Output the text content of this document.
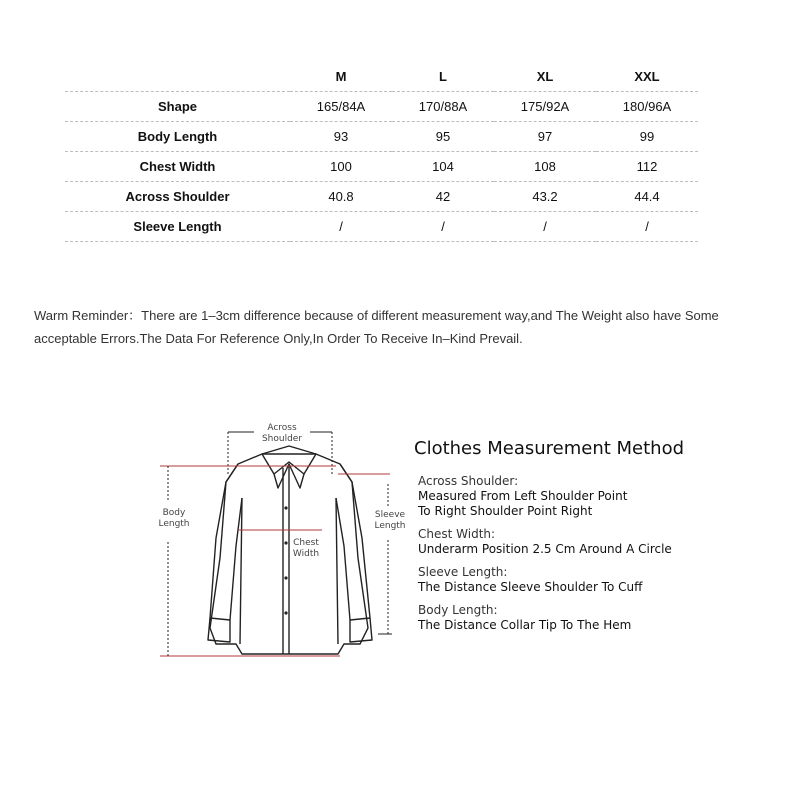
	M	L	XL	XXL
Shape	165/84A	170/88A	175/92A	180/96A
Body Length	93	95	97	99
Chest Width	100	104	108	112
Across Shoulder	40.8	42	43.2	44.4
Sleeve Length	/	/	/	/
Warm Reminder：There are 1–3cm difference because of different measurement way,and The Weight also have Some
acceptable Errors.The Data For Reference Only,In Order To Receive In–Kind Prevail.
Across
Shoulder
Body
Length
Chest
Width
Sleeve
Length
Clothes Measurement Method
Across Shoulder:
Measured From Left Shoulder Point
To Right Shoulder Point Right
Chest Width:
Underarm Position 2.5 Cm Around A Circle
Sleeve Length:
The Distance Sleeve Shoulder To Cuff
Body Length:
The Distance Collar Tip To The Hem
